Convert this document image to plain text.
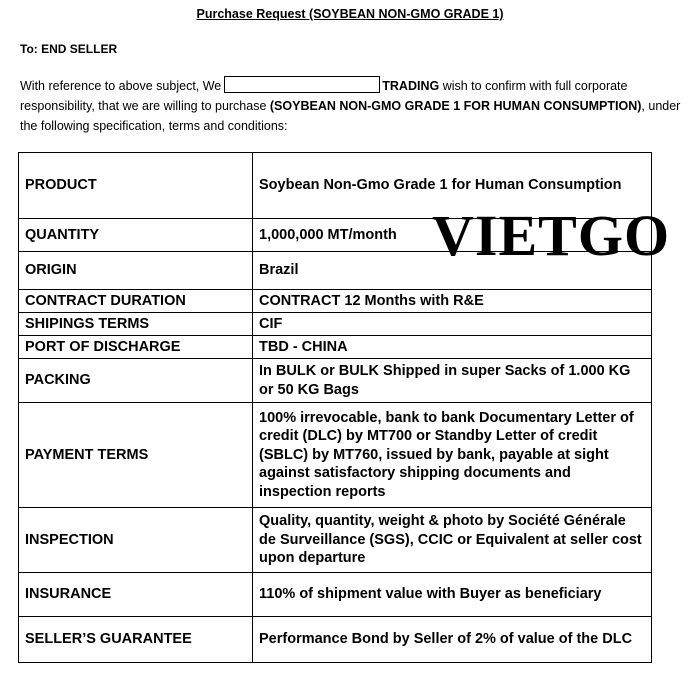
Purchase Request (SOYBEAN NON-GMO GRADE 1)
To: END SELLER
With reference to above subject, We	TRADING wish to confirm with full corporate responsibility, that we are willing to purchase (SOYBEAN NON-GMO GRADE 1 FOR HUMAN CONSUMPTION), under the following specification, terms and conditions:
PRODUCT	Soybean Non-Gmo Grade 1 for Human Consumption
QUANTITY	1,000,000 MT/month
ORIGIN	Brazil
CONTRACT DURATION	CONTRACT 12 Months with R&E
SHIPINGS TERMS	CIF
PORT OF DISCHARGE	TBD - CHINA
PACKING	In BULK or BULK Shipped in super Sacks of 1.000 KG or 50 KG Bags
PAYMENT TERMS	100% irrevocable, bank to bank Documentary Letter of credit (DLC) by MT700 or Standby Letter of credit (SBLC) by MT760, issued by bank, payable at sight against satisfactory shipping documents and inspection reports
INSPECTION	Quality, quantity, weight & photo by Société Générale de Surveillance (SGS), CCIC or Equivalent at seller cost upon departure
INSURANCE	110% of shipment value with Buyer as beneficiary
SELLER’S GUARANTEE	Performance Bond by Seller of 2% of value of the DLC
VIETGO
